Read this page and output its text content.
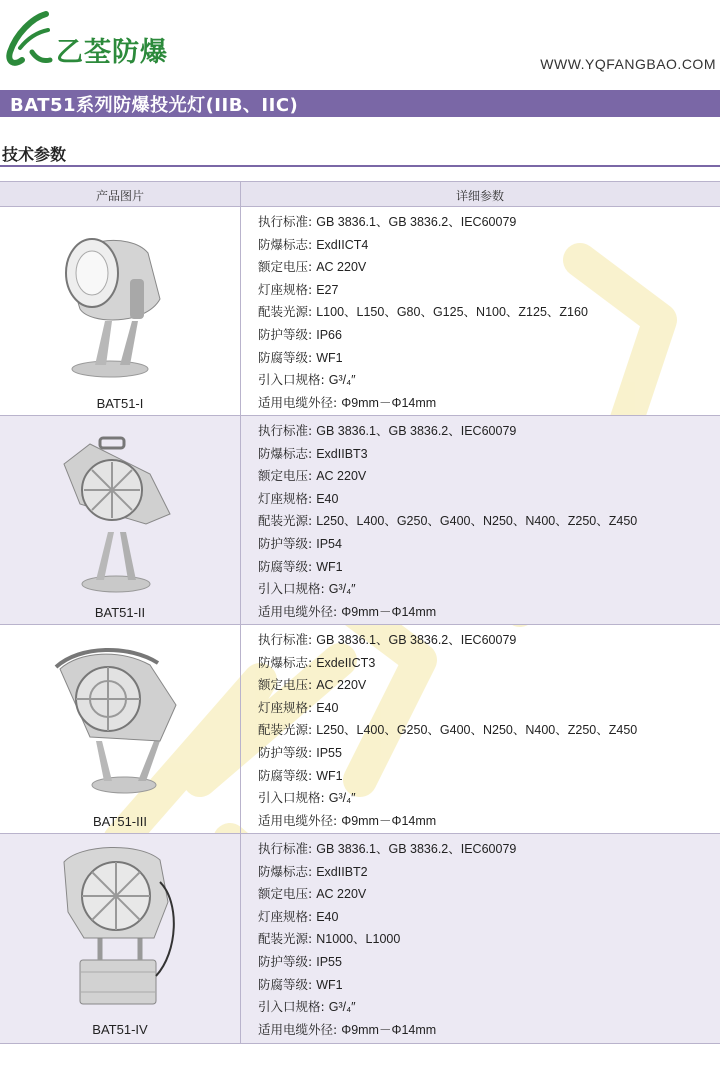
乙荃防爆	WWW.YQFANGBAO.COM
BAT51系列防爆投光灯(IIB、IIC)
技术参数
产品图片	详细参数
BAT51-I
执行标准: GB 3836.1、GB 3836.2、IEC60079
防爆标志: ExdIICT4
额定电压: AC 220V
灯座规格: E27
配装光源: L100、L150、G80、G125、N100、Z125、Z160
防护等级: IP66
防腐等级: WF1
引入口规格: G³/₄″
适用电缆外径: Φ9mm－Φ14mm
BAT51-II
执行标准: GB 3836.1、GB 3836.2、IEC60079
防爆标志: ExdIIBT3
额定电压: AC 220V
灯座规格: E40
配装光源: L250、L400、G250、G400、N250、N400、Z250、Z450
防护等级: IP54
防腐等级: WF1
引入口规格: G³/₄″
适用电缆外径: Φ9mm－Φ14mm
BAT51-III
执行标准: GB 3836.1、GB 3836.2、IEC60079
防爆标志: ExdeIICT3
额定电压: AC 220V
灯座规格: E40
配装光源: L250、L400、G250、G400、N250、N400、Z250、Z450
防护等级: IP55
防腐等级: WF1
引入口规格: G³/₄″
适用电缆外径: Φ9mm－Φ14mm
BAT51-IV
执行标准: GB 3836.1、GB 3836.2、IEC60079
防爆标志: ExdIIBT2
额定电压: AC 220V
灯座规格: E40
配装光源: N1000、L1000
防护等级: IP55
防腐等级: WF1
引入口规格: G³/₄″
适用电缆外径: Φ9mm－Φ14mm
